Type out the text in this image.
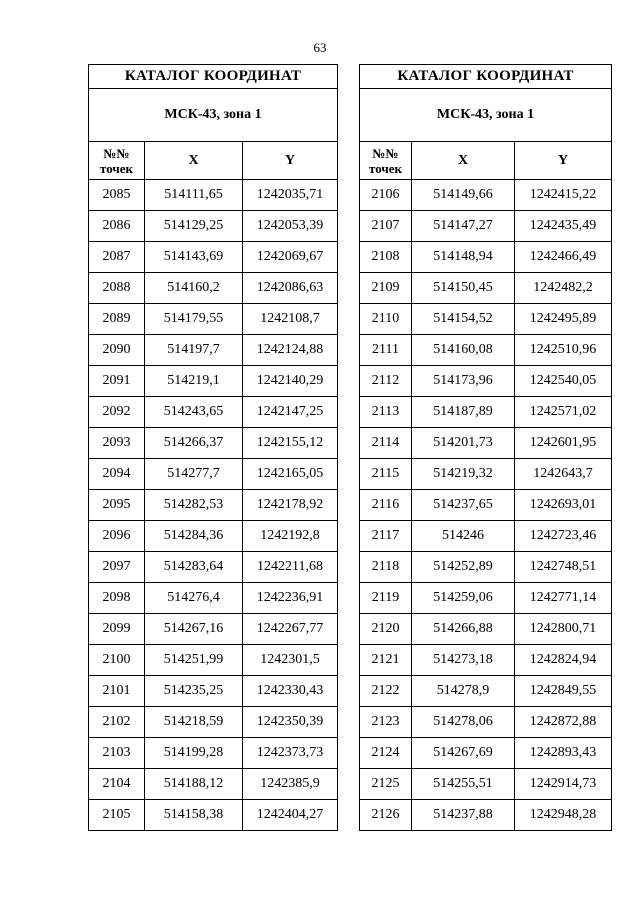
63
КАТАЛОГ КООРДИНАТ		
МСК-43, зона 1		

№№
точек	X	Y
2085	514111,65	1242035,71
2086	514129,25	1242053,39
2087	514143,69	1242069,67
2088	514160,2	1242086,63
2089	514179,55	1242108,7
2090	514197,7	1242124,88
2091	514219,1	1242140,29
2092	514243,65	1242147,25
2093	514266,37	1242155,12
2094	514277,7	1242165,05
2095	514282,53	1242178,92
2096	514284,36	1242192,8
2097	514283,64	1242211,68
2098	514276,4	1242236,91
2099	514267,16	1242267,77
2100	514251,99	1242301,5
2101	514235,25	1242330,43
2102	514218,59	1242350,39
2103	514199,28	1242373,73
2104	514188,12	1242385,9
2105	514158,38	1242404,27
КАТАЛОГ КООРДИНАТ		
МСК-43, зона 1		

№№
точек	X	Y
2106	514149,66	1242415,22
2107	514147,27	1242435,49
2108	514148,94	1242466,49
2109	514150,45	1242482,2
2110	514154,52	1242495,89
2111	514160,08	1242510,96
2112	514173,96	1242540,05
2113	514187,89	1242571,02
2114	514201,73	1242601,95
2115	514219,32	1242643,7
2116	514237,65	1242693,01
2117	514246	1242723,46
2118	514252,89	1242748,51
2119	514259,06	1242771,14
2120	514266,88	1242800,71
2121	514273,18	1242824,94
2122	514278,9	1242849,55
2123	514278,06	1242872,88
2124	514267,69	1242893,43
2125	514255,51	1242914,73
2126	514237,88	1242948,28
